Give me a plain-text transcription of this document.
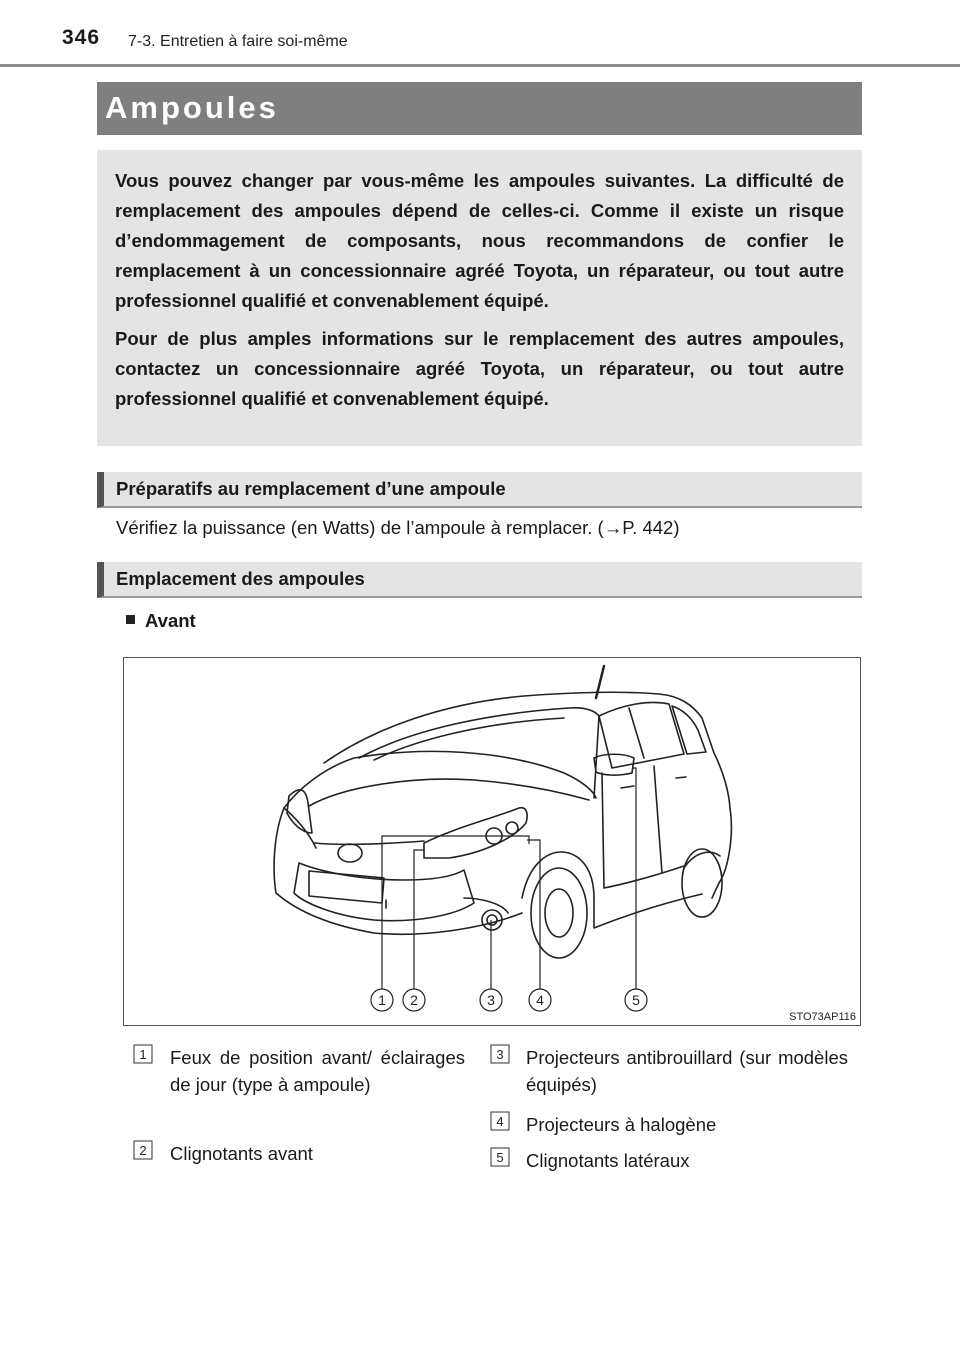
346 7-3. Entretien à faire soi-même
Ampoules

Vous pouvez changer par vous-même les ampoules suivantes. La difficulté de remplacement des ampoules dépend de celles-ci. Comme il existe un risque d’endommagement de composants, nous recommandons de confier le remplacement à un concessionnaire agréé Toyota, un réparateur, ou tout autre professionnel qualifié et convenablement équipé.

Pour de plus amples informations sur le remplacement des autres ampoules, contactez un concessionnaire agréé Toyota, un réparateur, ou tout autre professionnel qualifié et convenablement équipé.

Préparatifs au remplacement d’une ampoule
Vérifiez la puissance (en Watts) de l’ampoule à remplacer. (→P. 442)
Emplacement des ampoules
Avant
1 2	3	4	5
STO73AP116
1 Feux de position avant/ éclairages de jour (type à ampoule)
2 Clignotants avant
3 Projecteurs antibrouillard (sur modèles équipés)
4 Projecteurs à halogène
5 Clignotants latéraux
